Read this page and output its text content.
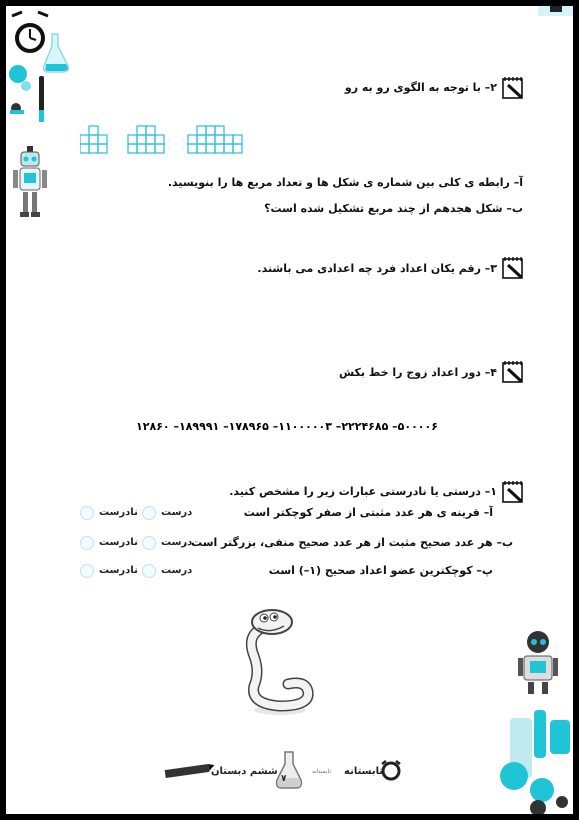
۲– با توجه به الگوی رو به رو
آ– رابطه ی کلی بین شماره ی شکل ها و تعداد مربع ها را بنویسید.
ب– شکل هجدهم از چند مربع تشکیل شده است؟
۳– رقم یکان اعداد فرد چه اعدادی می باشند.
۴– دور اعداد زوج را خط بکش
۵۰۰۰۰۶– ۲۲۲۴۶۸۵– ۱۱۰۰۰۰۰۳– ۱۷۸۹۶۵– ۱۸۹۹۹۱– ۱۲۸۶۰
۱– درستی یا نادرستی عبارات زیر را مشخص کنید.
آ– قرینه ی هر عدد مثبتی از صفر کوچکتر است
درست
نادرست
ب– هر عدد صحیح مثبت از هر عدد صحیح منفی، بزرگتر است .
درست
نادرست
پ– کوچکترین عضو اعداد صحیح (۱–) است
درست
نادرست
ششم دبستان
۷
تابستانه تابستانه
